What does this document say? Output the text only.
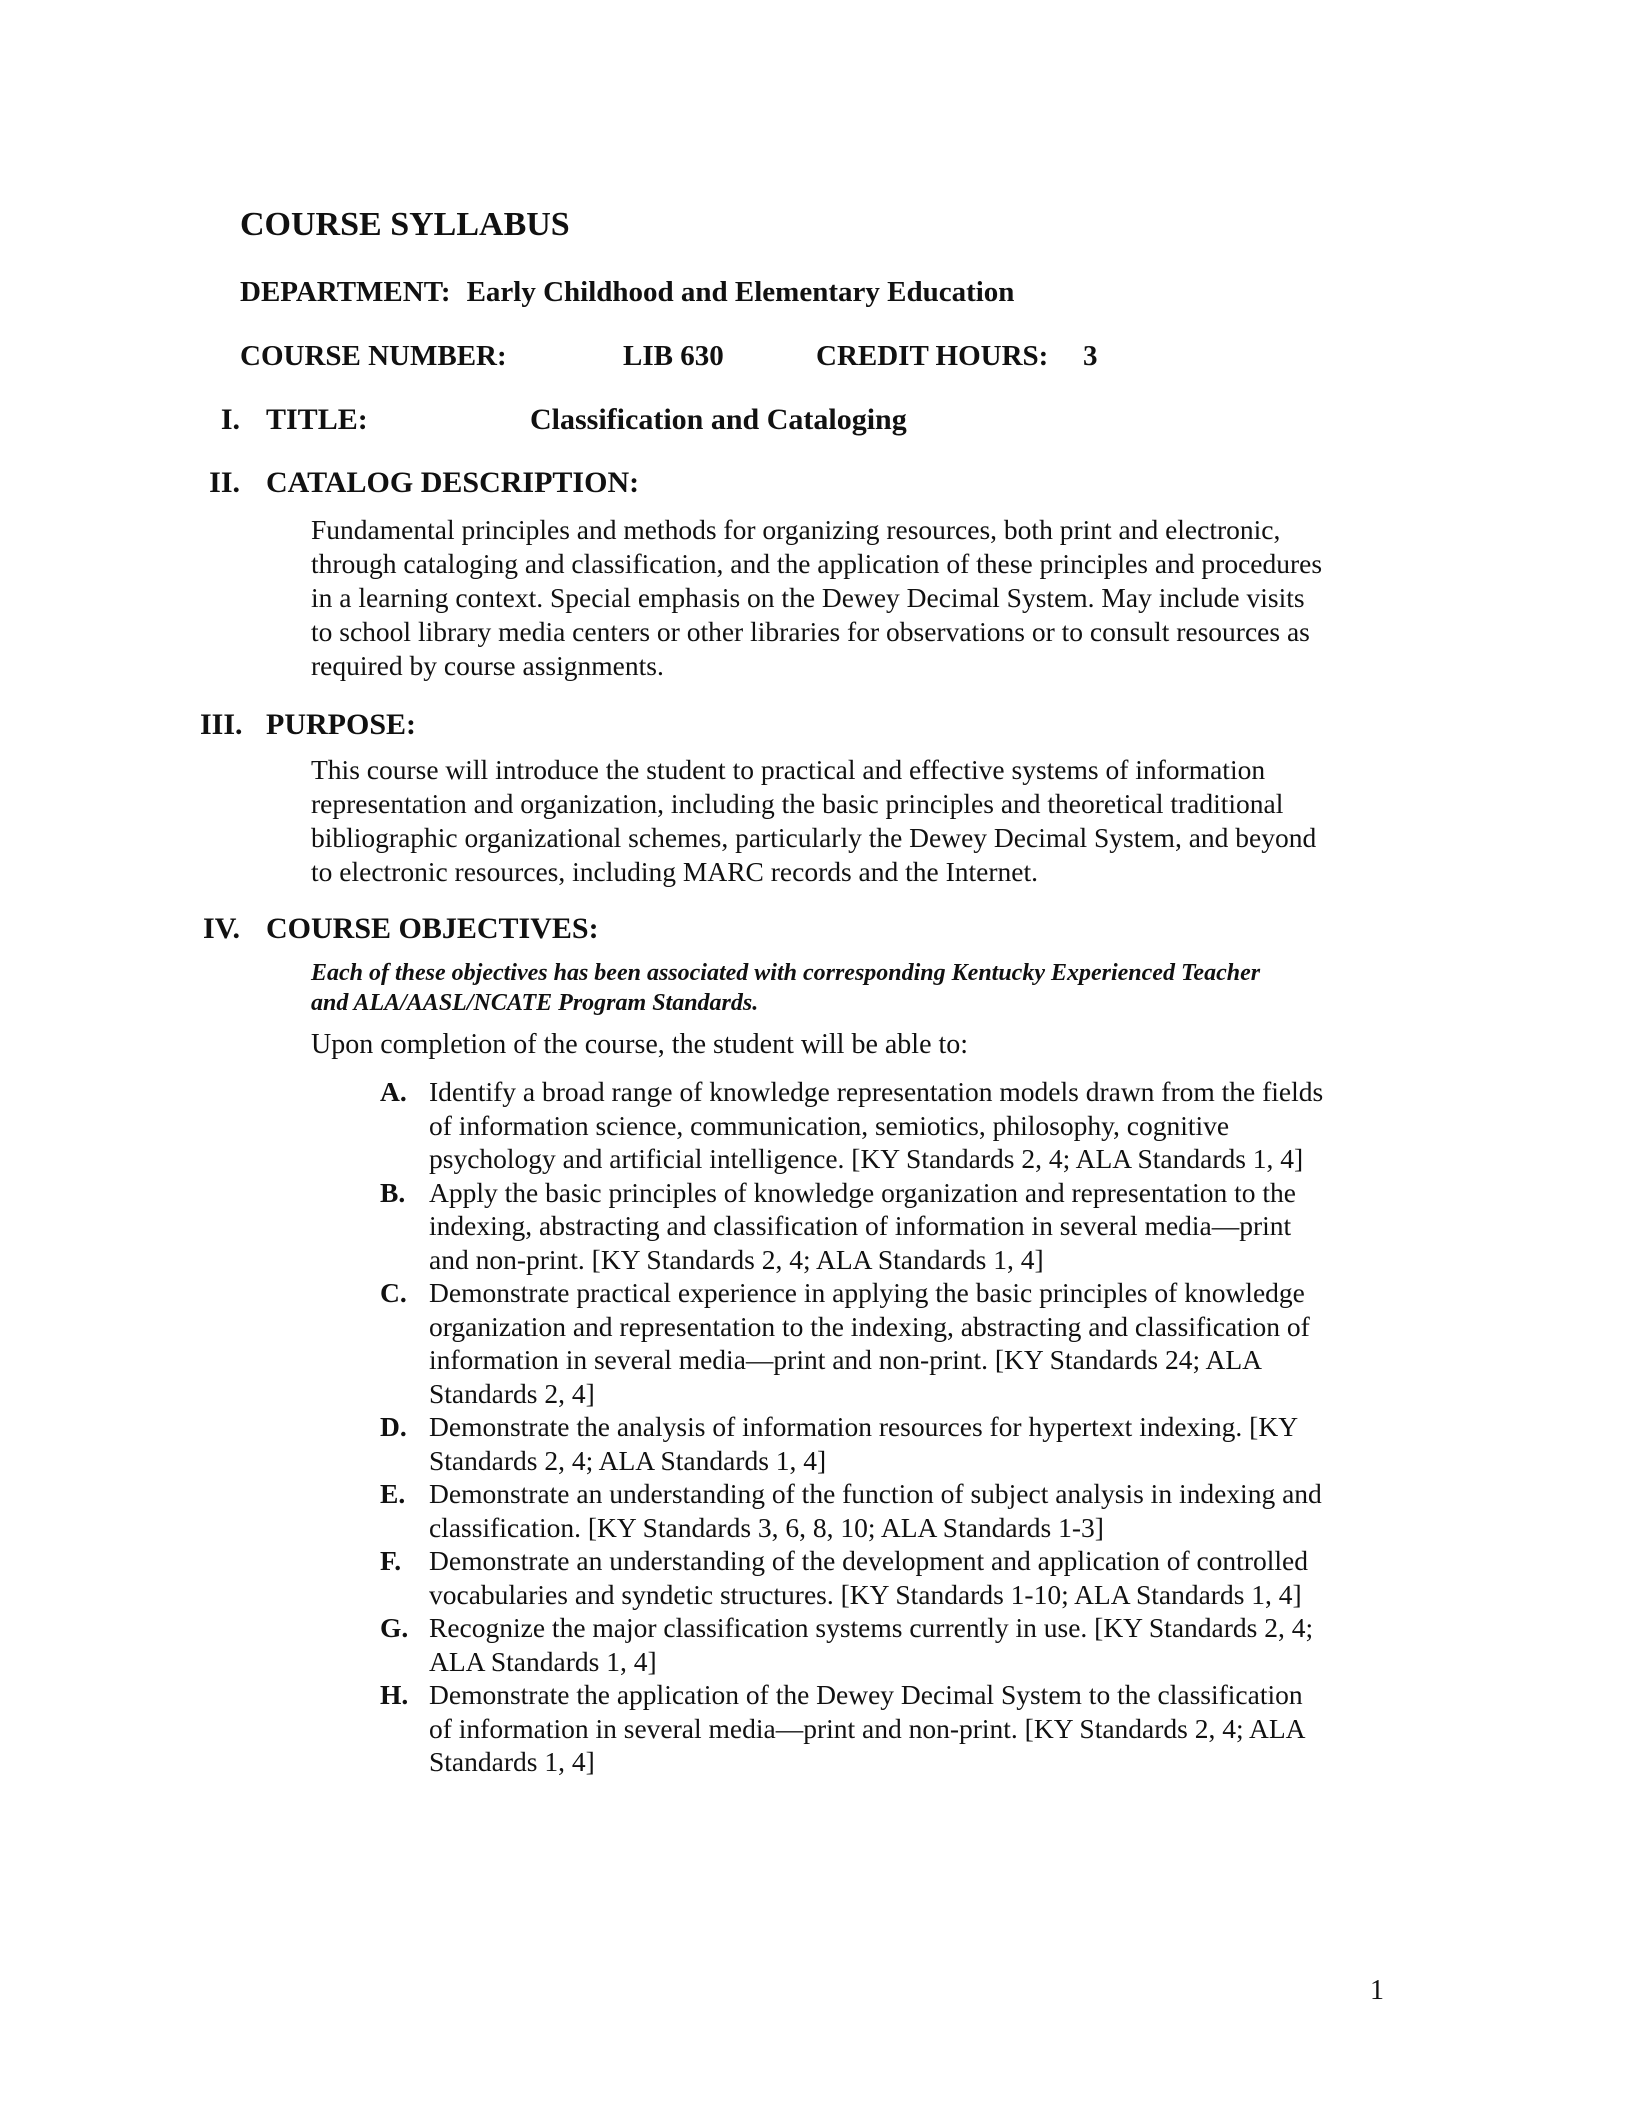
COURSE SYLLABUS
DEPARTMENT: Early Childhood and Elementary Education
COURSE NUMBER:	LIB 630	CREDIT HOURS: 3
I. TITLE:	Classification and Cataloging
II. CATALOG DESCRIPTION:
Fundamental principles and methods for organizing resources, both print and electronic,
through cataloging and classification, and the application of these principles and procedures
in a learning context. Special emphasis on the Dewey Decimal System. May include visits
to school library media centers or other libraries for observations or to consult resources as
required by course assignments.
III. PURPOSE:
This course will introduce the student to practical and effective systems of information
representation and organization, including the basic principles and theoretical traditional
bibliographic organizational schemes, particularly the Dewey Decimal System, and beyond
to electronic resources, including MARC records and the Internet.
IV. COURSE OBJECTIVES:
Each of these objectives has been associated with corresponding Kentucky Experienced Teacher
and ALA/AASL/NCATE Program Standards.
Upon completion of the course, the student will be able to:
A. Identify a broad range of knowledge representation models drawn from the fields
of information science, communication, semiotics, philosophy, cognitive
psychology and artificial intelligence. [KY Standards 2, 4; ALA Standards 1, 4]
B. Apply the basic principles of knowledge organization and representation to the
indexing, abstracting and classification of information in several media—print
and non-print. [KY Standards 2, 4; ALA Standards 1, 4]
C. Demonstrate practical experience in applying the basic principles of knowledge
organization and representation to the indexing, abstracting and classification of
information in several media—print and non-print. [KY Standards 24; ALA
Standards 2, 4]
D. Demonstrate the analysis of information resources for hypertext indexing. [KY
Standards 2, 4; ALA Standards 1, 4]
E. Demonstrate an understanding of the function of subject analysis in indexing and
classification. [KY Standards 3, 6, 8, 10; ALA Standards 1-3]
F. Demonstrate an understanding of the development and application of controlled
vocabularies and syndetic structures. [KY Standards 1-10; ALA Standards 1, 4]
G. Recognize the major classification systems currently in use. [KY Standards 2, 4;
ALA Standards 1, 4]
H. Demonstrate the application of the Dewey Decimal System to the classification
of information in several media—print and non-print. [KY Standards 2, 4; ALA
Standards 1, 4]
1
